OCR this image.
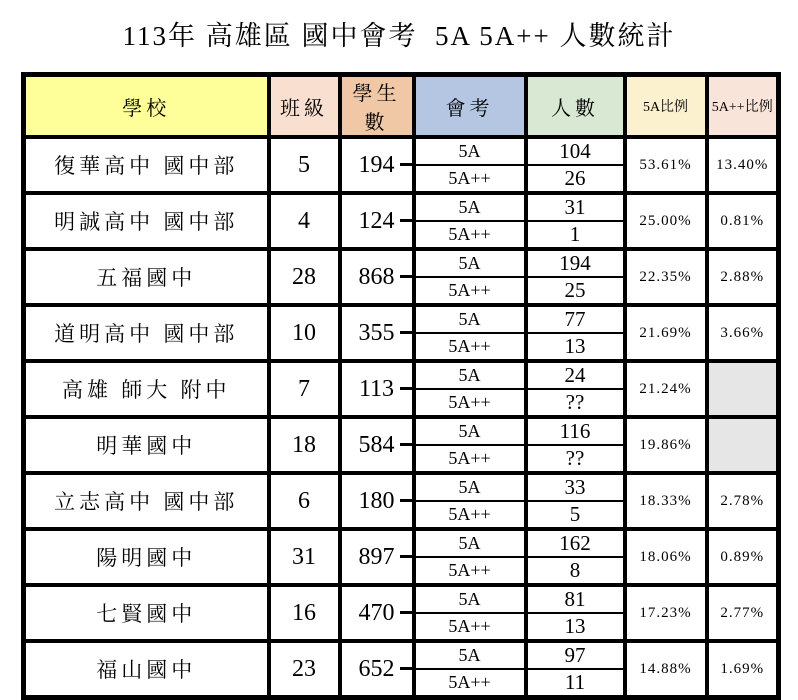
113年 高雄區 國中會考  5A 5A++ 人數統計
學校	班級	學生數	會考	人數	5A比例	5A++比例
復華高中 國中部	5	194	5A	104	53.61%	13.40%
			5A++	26		
明誠高中 國中部	4	124	5A	31	25.00%	0.81%
			5A++	1		
五福國中	28	868	5A	194	22.35%	2.88%
			5A++	25		
道明高中 國中部	10	355	5A	77	21.69%	3.66%
			5A++	13		
高雄 師大 附中	7	113	5A	24	21.24%	
			5A++	??		
明華國中	18	584	5A	116	19.86%	
			5A++	??		
立志高中 國中部	6	180	5A	33	18.33%	2.78%
			5A++	5		
陽明國中	31	897	5A	162	18.06%	0.89%
			5A++	8		
七賢國中	16	470	5A	81	17.23%	2.77%
			5A++	13		
福山國中	23	652	5A	97	14.88%	1.69%
			5A++	11		
